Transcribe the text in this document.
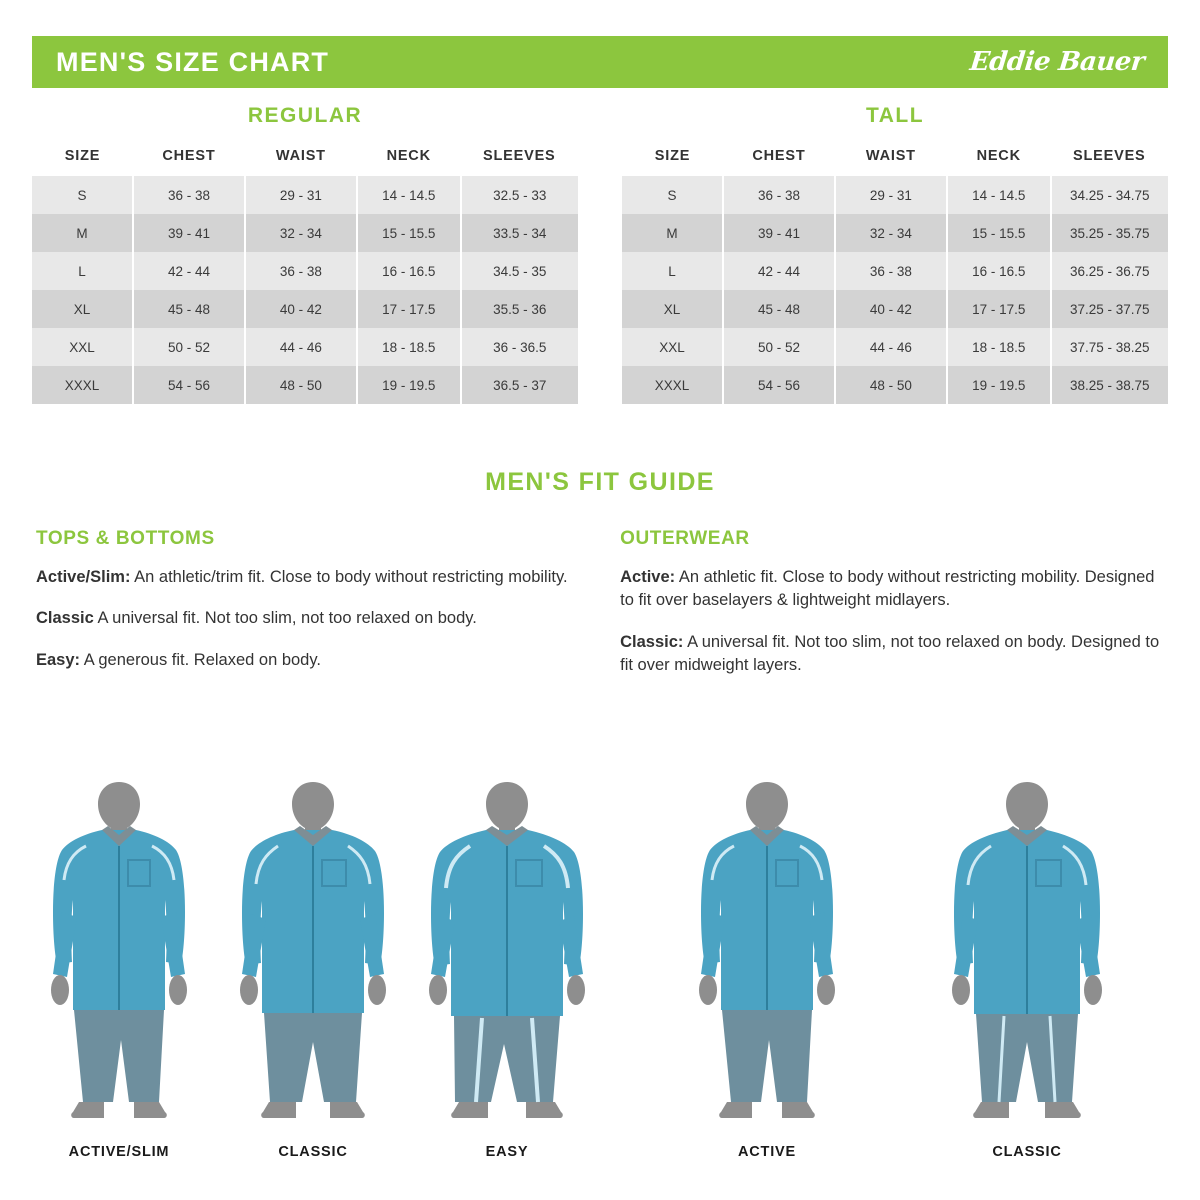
MEN'S SIZE CHART	Eddie Bauer
REGULAR
SIZE	CHEST	WAIST	NECK	SLEEVES
S	36 - 38	29 - 31	14 - 14.5	32.5 - 33
M	39 - 41	32 - 34	15 - 15.5	33.5 - 34
L	42 - 44	36 - 38	16 - 16.5	34.5 - 35
XL	45 - 48	40 - 42	17 - 17.5	35.5 - 36
XXL	50 - 52	44 - 46	18 - 18.5	36 - 36.5
XXXL	54 - 56	48 - 50	19 - 19.5	36.5 - 37
TALL
SIZE	CHEST	WAIST	NECK	SLEEVES
S	36 - 38	29 - 31	14 - 14.5	34.25 - 34.75
M	39 - 41	32 - 34	15 - 15.5	35.25 - 35.75
L	42 - 44	36 - 38	16 - 16.5	36.25 - 36.75
XL	45 - 48	40 - 42	17 - 17.5	37.25 - 37.75
XXL	50 - 52	44 - 46	18 - 18.5	37.75 - 38.25
XXXL	54 - 56	48 - 50	19 - 19.5	38.25 - 38.75
MEN'S FIT GUIDE
TOPS & BOTTOMS

Active/Slim: An athletic/trim fit. Close to body without restricting mobility.

Classic A universal fit. Not too slim, not too relaxed on body.

Easy: A generous fit. Relaxed on body.

OUTERWEAR

Active: An athletic fit. Close to body without restricting mobility. Designed to fit over baselayers & lightweight midlayers.

Classic: A universal fit. Not too slim, not too relaxed on body. Designed to fit over midweight layers.

ACTIVE/SLIM	CLASSIC	EASY	ACTIVE	CLASSIC
